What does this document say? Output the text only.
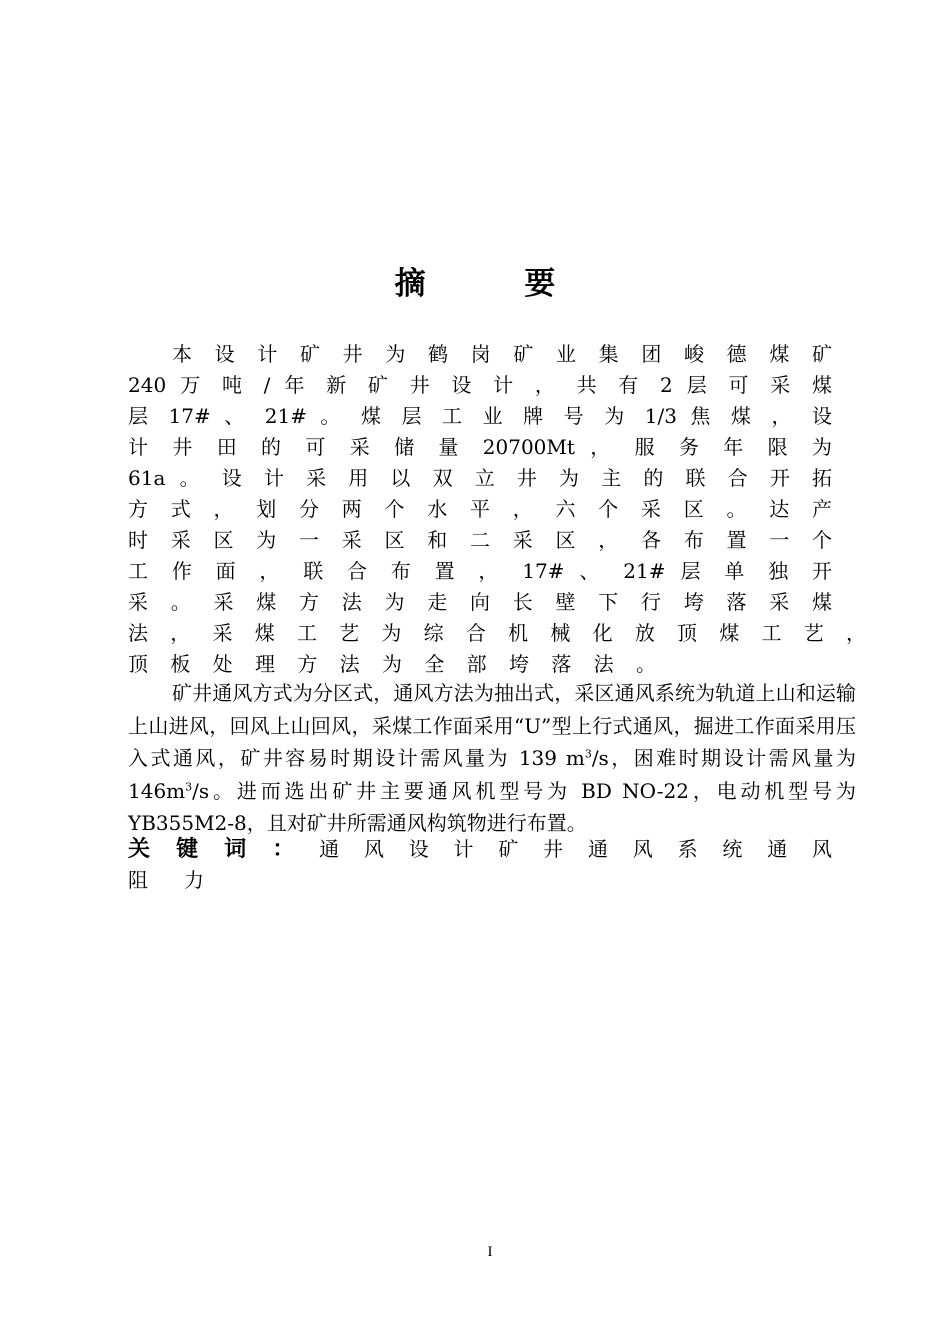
摘 要
本 设 计 矿 井 为 鹤 岗 矿 业 集 团 峻 德 煤 矿
240 万 吨 / 年 新 矿 井 设 计 ， 共 有 2 层 可 采 煤
层 17# 、 21# 。 煤 层 工 业 牌 号 为 1/3 焦 煤 ， 设
计 井 田 的 可 采 储 量 20700Mt ， 服 务 年 限 为
61a 。 设 计 采 用 以 双 立 井 为 主 的 联 合 开 拓
方 式 ， 划 分 两 个 水 平 ， 六 个 采 区 。 达 产
时 采 区 为 一 采 区 和 二 采 区 ， 各 布 置 一 个
工 作 面 ， 联 合 布 置 ， 17# 、 21# 层 单 独 开
采 。 采 煤 方 法 为 走 向 长 壁 下 行 垮 落 采 煤
法 ， 采 煤 工 艺 为 综 合 机 械 化 放 顶 煤 工 艺 ，
顶 板 处 理 方 法 为 全 部 垮 落 法 。

矿井通风方式为分区式，通风方法为抽出式，采区通风系统为轨道上山和运输上山进风，回风上山回风，采煤工作面采用“U”型上行式通风，掘进工作面采用压入式通风，矿井容易时期设计需风量为 139 $m^3/s$，困难时期设计需风量为 $146m^3/s$。进而选出矿井主要通风机型号为 BD NO-22，电动机型号为 YB355M2-8，且对矿井所需通风构筑物进行布置。

关 键 词 ： 通 风 设 计 矿 井 通 风 系 统 通 风
阻 力
I
